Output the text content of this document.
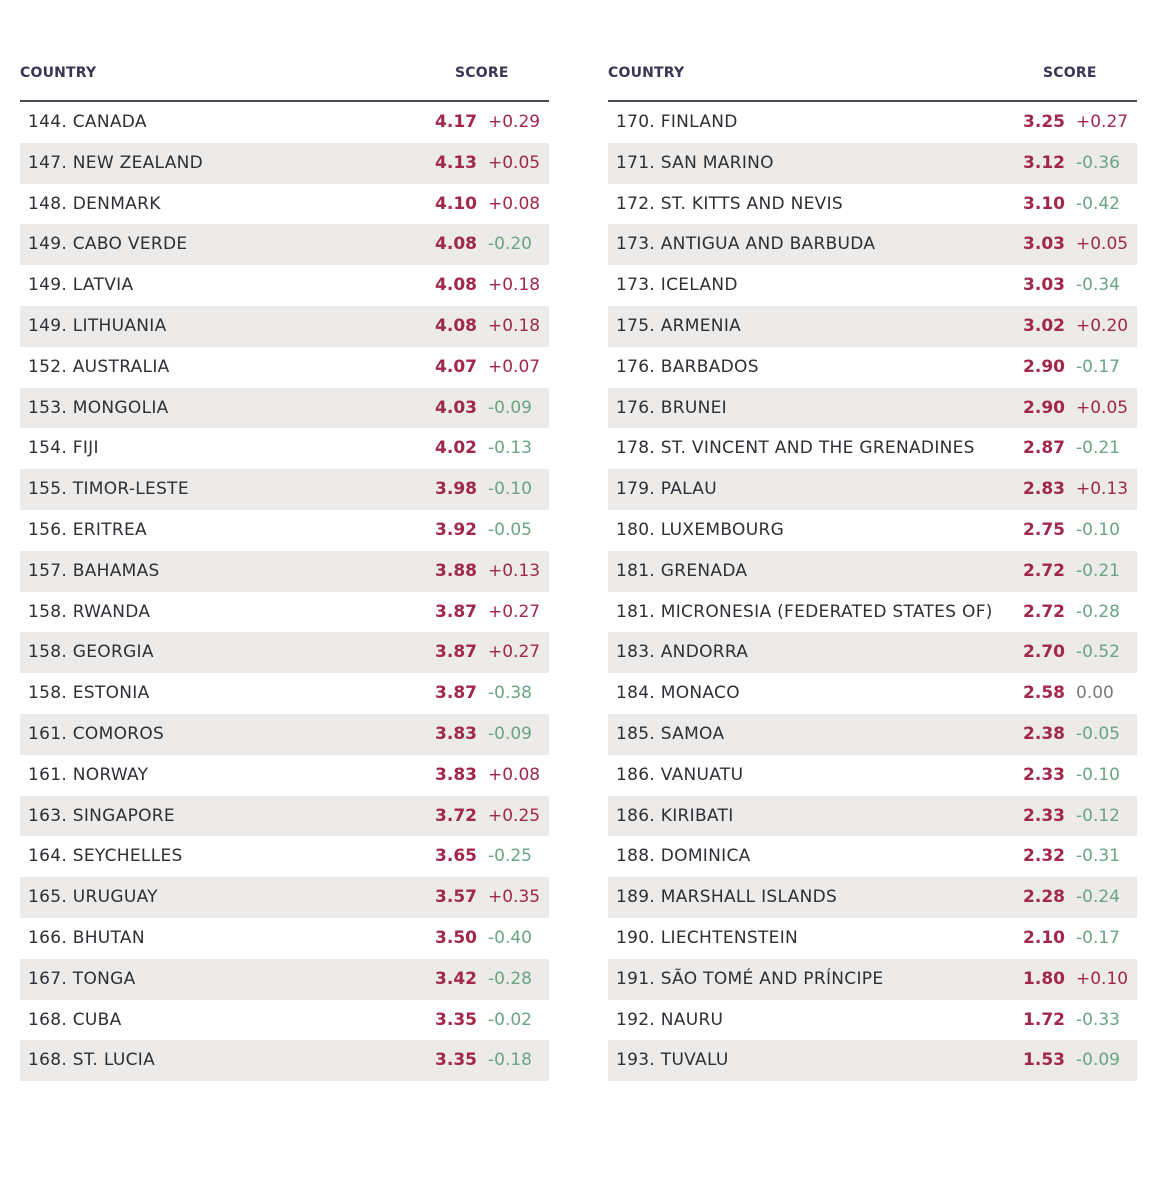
COUNTRY	SCORE
144. CANADA	4.17 +0.29
147. NEW ZEALAND	4.13 +0.05
148. DENMARK	4.10 +0.08
149. CABO VERDE	4.08 -0.20
149. LATVIA	4.08 +0.18
149. LITHUANIA	4.08 +0.18
152. AUSTRALIA	4.07 +0.07
153. MONGOLIA	4.03 -0.09
154. FIJI	4.02 -0.13
155. TIMOR-LESTE	3.98 -0.10
156. ERITREA	3.92 -0.05
157. BAHAMAS	3.88 +0.13
158. RWANDA	3.87 +0.27
158. GEORGIA	3.87 +0.27
158. ESTONIA	3.87 -0.38
161. COMOROS	3.83 -0.09
161. NORWAY	3.83 +0.08
163. SINGAPORE	3.72 +0.25
164. SEYCHELLES	3.65 -0.25
165. URUGUAY	3.57 +0.35
166. BHUTAN	3.50 -0.40
167. TONGA	3.42 -0.28
168. CUBA	3.35 -0.02
168. ST. LUCIA	3.35 -0.18
COUNTRY	SCORE
170. FINLAND	3.25 +0.27
171. SAN MARINO	3.12 -0.36
172. ST. KITTS AND NEVIS	3.10 -0.42
173. ANTIGUA AND BARBUDA	3.03 +0.05
173. ICELAND	3.03 -0.34
175. ARMENIA	3.02 +0.20
176. BARBADOS	2.90 -0.17
176. BRUNEI	2.90 +0.05
178. ST. VINCENT AND THE GRENADINES	2.87 -0.21
179. PALAU	2.83 +0.13
180. LUXEMBOURG	2.75 -0.10
181. GRENADA	2.72 -0.21
181. MICRONESIA (FEDERATED STATES OF) 2.72 -0.28
183. ANDORRA	2.70 -0.52
184. MONACO	2.58 0.00
185. SAMOA	2.38 -0.05
186. VANUATU	2.33 -0.10
186. KIRIBATI	2.33 -0.12
188. DOMINICA	2.32 -0.31
189. MARSHALL ISLANDS	2.28 -0.24
190. LIECHTENSTEIN	2.10 -0.17
191. SÃO TOMÉ AND PRÍNCIPE	1.80 +0.10
192. NAURU	1.72 -0.33
193. TUVALU	1.53 -0.09
